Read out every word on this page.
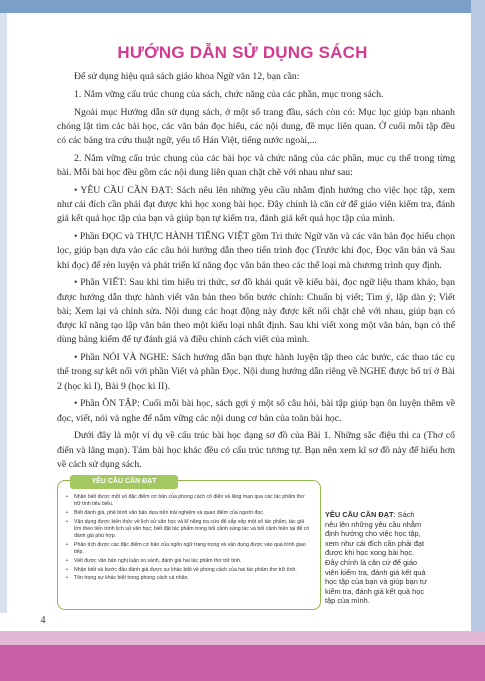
HƯỚNG DẪN SỬ DỤNG SÁCH

Để sử dụng hiệu quả sách giáo khoa Ngữ văn 12, bạn cần:

1. Nắm vững cấu trúc chung của sách, chức năng của các phần, mục trong sách.

Ngoài mục Hướng dẫn sử dụng sách, ở một số trang đầu, sách còn có: Mục lục giúp bạn nhanh chóng lật tìm các bài học, các văn bản đọc hiểu, các nội dung, đề mục liên quan. Ở cuối mỗi tập đều có các bảng tra cứu thuật ngữ, yếu tố Hán Việt, tiếng nước ngoài,...

2. Nắm vững cấu trúc chung của các bài học và chức năng của các phần, mục cụ thể trong từng bài. Mỗi bài học đều gồm các nội dung liên quan chặt chẽ với nhau như sau:

• YÊU CẦU CẦN ĐẠT: Sách nêu lên những yêu cầu nhằm định hướng cho việc học tập, xem như cái đích cần phải đạt được khi học xong bài học. Đây chính là căn cứ để giáo viên kiểm tra, đánh giá kết quả học tập của bạn và giúp bạn tự kiểm tra, đánh giá kết quả học tập của mình.

• Phần ĐỌC và THỰC HÀNH TIẾNG VIỆT gồm Tri thức Ngữ văn và các văn bản đọc hiểu chọn lọc, giúp bạn dựa vào các câu hỏi hướng dẫn theo tiến trình đọc (Trước khi đọc, Đọc văn bản và Sau khi đọc) để rèn luyện và phát triển kĩ năng đọc văn bản theo các thể loại mà chương trình quy định.

• Phần VIẾT: Sau khi tìm hiểu tri thức, sơ đồ khái quát về kiểu bài, đọc ngữ liệu tham khảo, bạn được hướng dẫn thực hành viết văn bản theo bốn bước chính: Chuẩn bị viết; Tìm ý, lập dàn ý; Viết bài; Xem lại và chỉnh sửa. Nội dung các hoạt động này được kết nối chặt chẽ với nhau, giúp bạn có được kĩ năng tạo lập văn bản theo một kiểu loại nhất định. Sau khi viết xong một văn bản, bạn có thể dùng bảng kiểm để tự đánh giá và điều chỉnh cách viết của mình.

• Phần NÓI VÀ NGHE: Sách hướng dẫn bạn thực hành luyện tập theo các bước, các thao tác cụ thể trong sự kết nối với phần Viết và phần Đọc. Nội dung hướng dẫn riêng về NGHE được bố trí ở Bài 2 (học kì I), Bài 9 (học kì II).

• Phần ÔN TẬP: Cuối mỗi bài học, sách gợi ý một số câu hỏi, bài tập giúp bạn ôn luyện thêm về đọc, viết, nói và nghe để nắm vững các nội dung cơ bản của toàn bài học.

Dưới đây là một ví dụ về cấu trúc bài học dạng sơ đồ của Bài 1. Những sắc điệu thi ca (Thơ cổ điển và lãng mạn). Tám bài học khác đều có cấu trúc tương tự. Bạn nên xem kĩ sơ đồ này để hiểu hơn về cách sử dụng sách.

YÊU CẦU CẦN ĐẠT
• Nhận biết được một số đặc điểm cơ bản của phong cách cổ điển và lãng mạn qua các tác phẩm thơ trữ tình tiêu biểu.
• Biết đánh giá, phê bình văn bản dựa trên trải nghiệm và quan điểm của người đọc.
• Vận dụng được kiến thức về lịch sử văn học và kĩ năng tra cứu để sắp xếp một số tác phẩm, tác giả lớn theo tiến trình lịch sử văn học; biết đặt tác phẩm trong bối cảnh sáng tác và bối cảnh hiện tại để có đánh giá phù hợp.
• Phân tích được các đặc điểm cơ bản của ngôn ngữ trang trọng và vận dụng được vào quá trình giao tiếp.
• Viết được văn bản nghị luận so sánh, đánh giá hai tác phẩm thơ trữ tình.
• Nhận biết và bước đầu đánh giá được sự khác biệt về phong cách của hai tác phẩm thơ trữ tình.
• Tôn trọng sự khác biệt trong phong cách cá nhân.
YÊU CẦU CẦN ĐẠT: Sách nêu lên những yêu cầu nhằm định hướng cho việc học tập, xem như cái đích cần phải đạt được khi học xong bài học. Đây chính là căn cứ để giáo viên kiểm tra, đánh giá kết quả học tập của bạn và giúp bạn tự kiểm tra, đánh giá kết quả học tập của mình.
4
